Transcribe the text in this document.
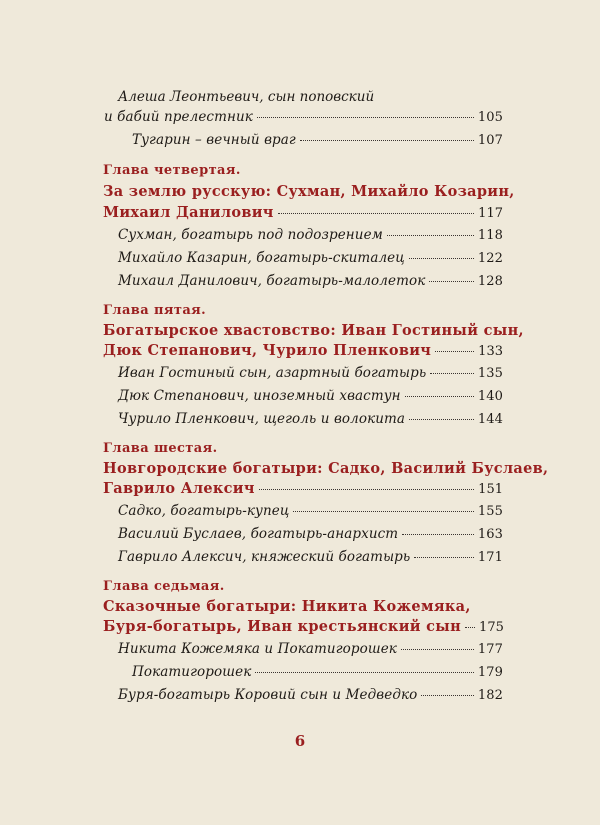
Алеша Леонтьевич, сын поповский
и бабий прелестник	105
Тугарин – вечный враг	107
Глава четвертая.
За землю русскую: Сухман, Михайло Козарин,
Михаил Данилович	117
Сухман, богатырь под подозрением	118
Михайло Казарин, богатырь-скиталец	122
Михаил Данилович, богатырь-малолеток	128
Глава пятая.
Богатырское хвастовство: Иван Гостиный сын,
Дюк Степанович, Чурило Пленкович	133
Иван Гостиный сын, азартный богатырь	135
Дюк Степанович, иноземный хвастун	140
Чурило Пленкович, щеголь и волокита	144
Глава шестая.
Новгородские богатыри: Садко, Василий Буслаев,
Гаврило Алексич	151
Садко, богатырь-купец	155
Василий Буслаев, богатырь-анархист	163
Гаврило Алексич, княжеский богатырь	171
Глава седьмая.
Сказочные богатыри: Никита Кожемяка,
Буря-богатырь, Иван крестьянский сын 175
Никита Кожемяка и Покатигорошек	177
Покатигорошек	179
Буря-богатырь Коровий сын и Медведко	182
6
